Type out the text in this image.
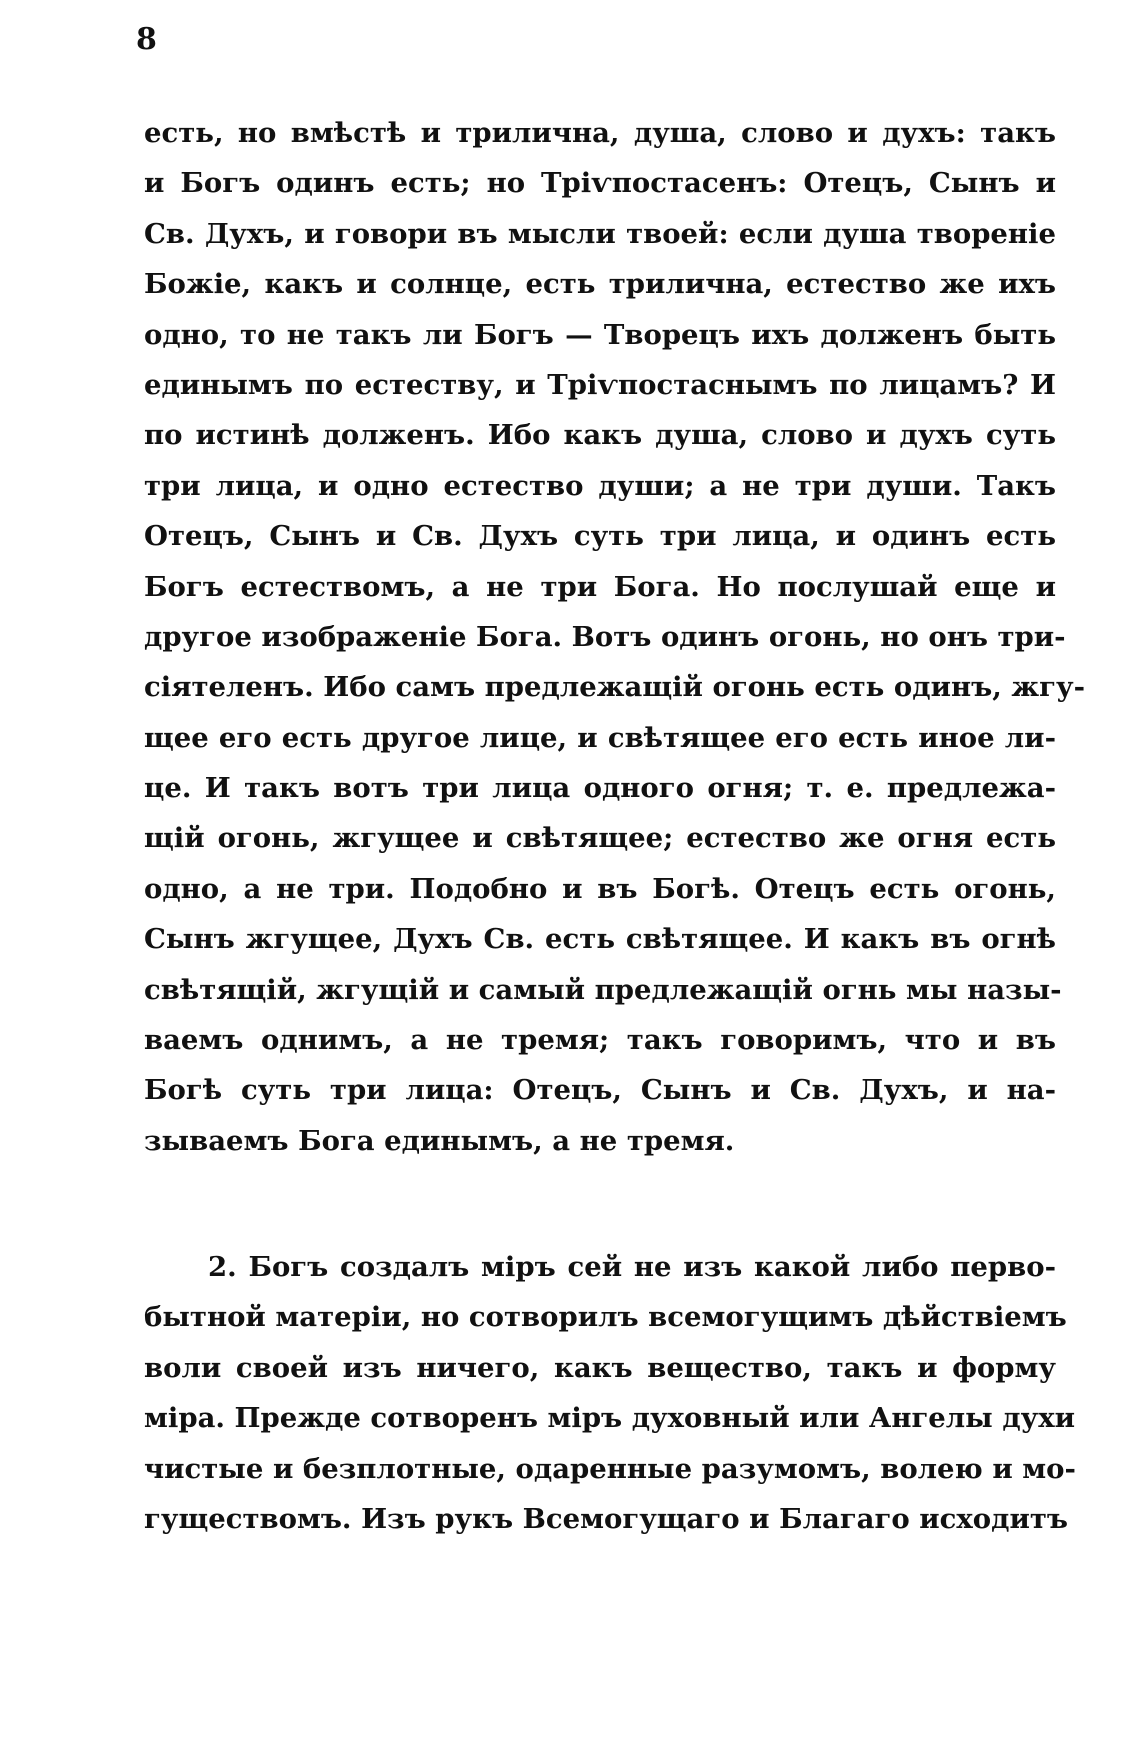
8
есть, но вмѣстѣ и трилична, душа, слово и духъ: такъ
и Богъ одинъ есть; но Трiѵпостасенъ: Отецъ, Сынъ и
Св. Духъ, и говори въ мысли твоей: если душа творенiе
Божiе, какъ и солнце, есть трилична, естество же ихъ
одно, то не такъ ли Богъ — Творецъ ихъ долженъ быть
единымъ по естеству, и Трiѵпостаснымъ по лицамъ? И
по истинѣ долженъ. Ибо какъ душа, слово и духъ суть
три лица, и одно естество души; а не три души. Такъ
Отецъ, Сынъ и Св. Духъ суть три лица, и одинъ есть
Богъ естествомъ, а не три Бога. Но послушай еще и
другое изображенiе Бога. Вотъ одинъ огонь, но онъ три-
сiятеленъ. Ибо самъ предлежащiй огонь есть одинъ, жгу-
щее его есть другое лице, и свѣтящее его есть иное ли-
це. И такъ вотъ три лица одного огня; т. е. предлежа-
щiй огонь, жгущее и свѣтящее; естество же огня есть
одно, а не три. Подобно и въ Богѣ. Отецъ есть огонь,
Сынъ жгущее, Духъ Св. есть свѣтящее. И какъ въ огнѣ
свѣтящiй, жгущiй и самый предлежащiй огнь мы назы-
ваемъ однимъ, а не тремя; такъ говоримъ, что и въ
Богѣ суть три лица: Отецъ, Сынъ и Св. Духъ, и на-
зываемъ Бога единымъ, а не тремя.
2. Богъ создалъ мiръ сей не изъ какой либо перво-
бытной матерiи, но сотворилъ всемогущимъ дѣйствiемъ
воли своей изъ ничего, какъ вещество, такъ и форму
мiра. Прежде сотворенъ мiръ духовный или Ангелы духи
чистые и безплотные, одаренные разумомъ, волею и мо-
гуществомъ. Изъ рукъ Всемогущаго и Благаго исходитъ
